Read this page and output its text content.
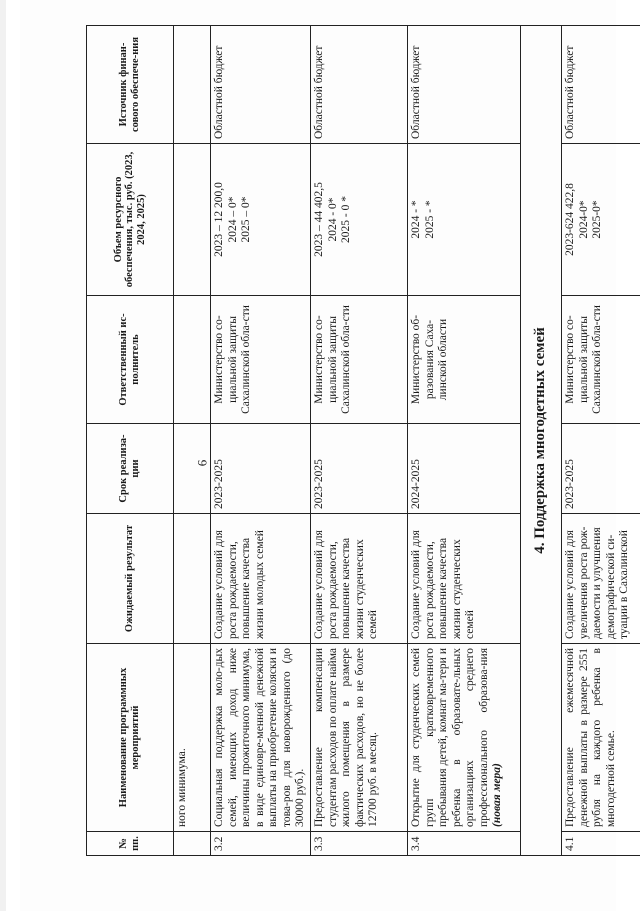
6
№ пп.	Наименование программных мероприятий	Ожидаемый результат	Срок реализа-ции	Ответственный ис-полнитель	Объем ресурсного обеспечения, тыс. руб. (2023, 2024, 2025)	Источник финан-сового обеспече-ния
	ного минимума.					
3.2	Социальная поддержка моло-дых семей, имеющих доход ниже величины прожиточного минимума, в виде единовре-менной денежной выплаты на приобретение коляски и това-ров для новорожденного (до 30000 руб.).	Создание условий для роста рождаемости, повышение качества жизни молодых семей	2023-2025	Министерство со-циальной защиты Сахалинской обла-сти	2023 – 12 200,0 2024 – 0* 2025 – 0*	Областной бюджет
3.3	Предоставление компенсации студентам расходов по оплате найма жилого помещения в размере фактических расходов, но не более 12700 руб. в месяц.	Создание условий для роста рождаемости, повышение качества жизни студенческих семей	2023-2025	Министерство со-циальной защиты Сахалинской обла-сти	2023 – 44 402,5 2024 - 0* 2025 - 0 *	Областной бюджет
3.4	Открытие для студенческих семей групп кратковременного пребывания детей, комнат ма-тери и ребенка в образовате-льных организациях среднего профессионального образова-ния (новая мера)	Создание условий для роста рождаемости, повышение качества жизни студенческих семей	2024-2025	Министерство об-разования Саха-линской области	2024 - * 2025 - *	Областной бюджет
4. Поддержка многодетных семей						
4.1	Предоставление ежемесячной денежной выплаты в размере 2551 рубля на каждого ребенка в многодетной семье.	Создание условий для увеличения роста рож-даемости и улучшения демографической си-туации в Сахалинской	2023-2025	Министерство со-циальной защиты Сахалинской обла-сти	2023-624 422,8 2024-0* 2025-0*	Областной бюджет
